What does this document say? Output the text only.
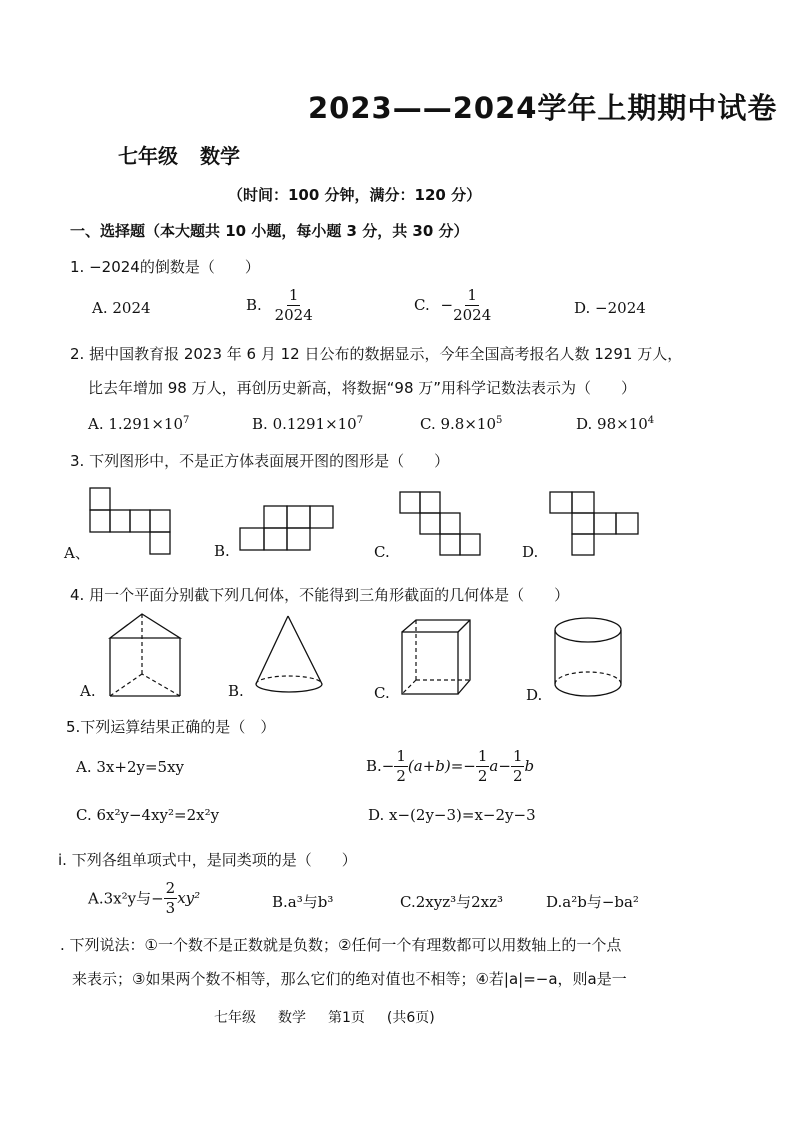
2023——2024学年上期期中试卷
七年级 数学
（时间：100 分钟，满分：120 分）
一、选择题（本大题共 10 小题，每小题 3 分，共 30 分）
1. −2024的倒数是（　　）
A. 2024	B. $\frac{1}{2024}$	C. − $\frac{1}{2024}$	D. −2024
2. 据中国教育报 2023 年 6 月 12 日公布的数据显示，今年全国高考报名人数 1291 万人，
比去年增加 98 万人，再创历史新高，将数据“98 万”用科学记数法表示为（　　）
A. $1.291\times 10^7$	B. $0.1291\times 10^7$	C. $9.8\times 10^5$	D. $98\times 10^4$
3. 下列图形中，不是正方体表面展开图的图形是（　　）
A、	B.	C.	D.
4. 用一个平面分别截下列几何体，不能得到三角形截面的几何体是（　　）
A.	B.	C.	D.
5.下列运算结果正确的是（　）
A. 3x+2y=5xy	$B.- \frac{1}{2} (a+b)=- \frac{1}{2} a- \frac{1}{2}$ b
C. 6x²y−4xy²=2x²y	D. x−(2y−3)=x−2y−3
i. 下列各组单项式中，是同类项的是（　　）
A.3x²y与− $\frac{2}{3} xy^2$	B.a³与b³	C.2xyz³与2xz³	D.a²b与−ba²
. 下列说法：①一个数不是正数就是负数；②任何一个有理数都可以用数轴上的一个点
来表示；③如果两个数不相等，那么它们的绝对值也不相等；④若|a|=−a，则a是一
七年级 数学 第1页 (共6页)
